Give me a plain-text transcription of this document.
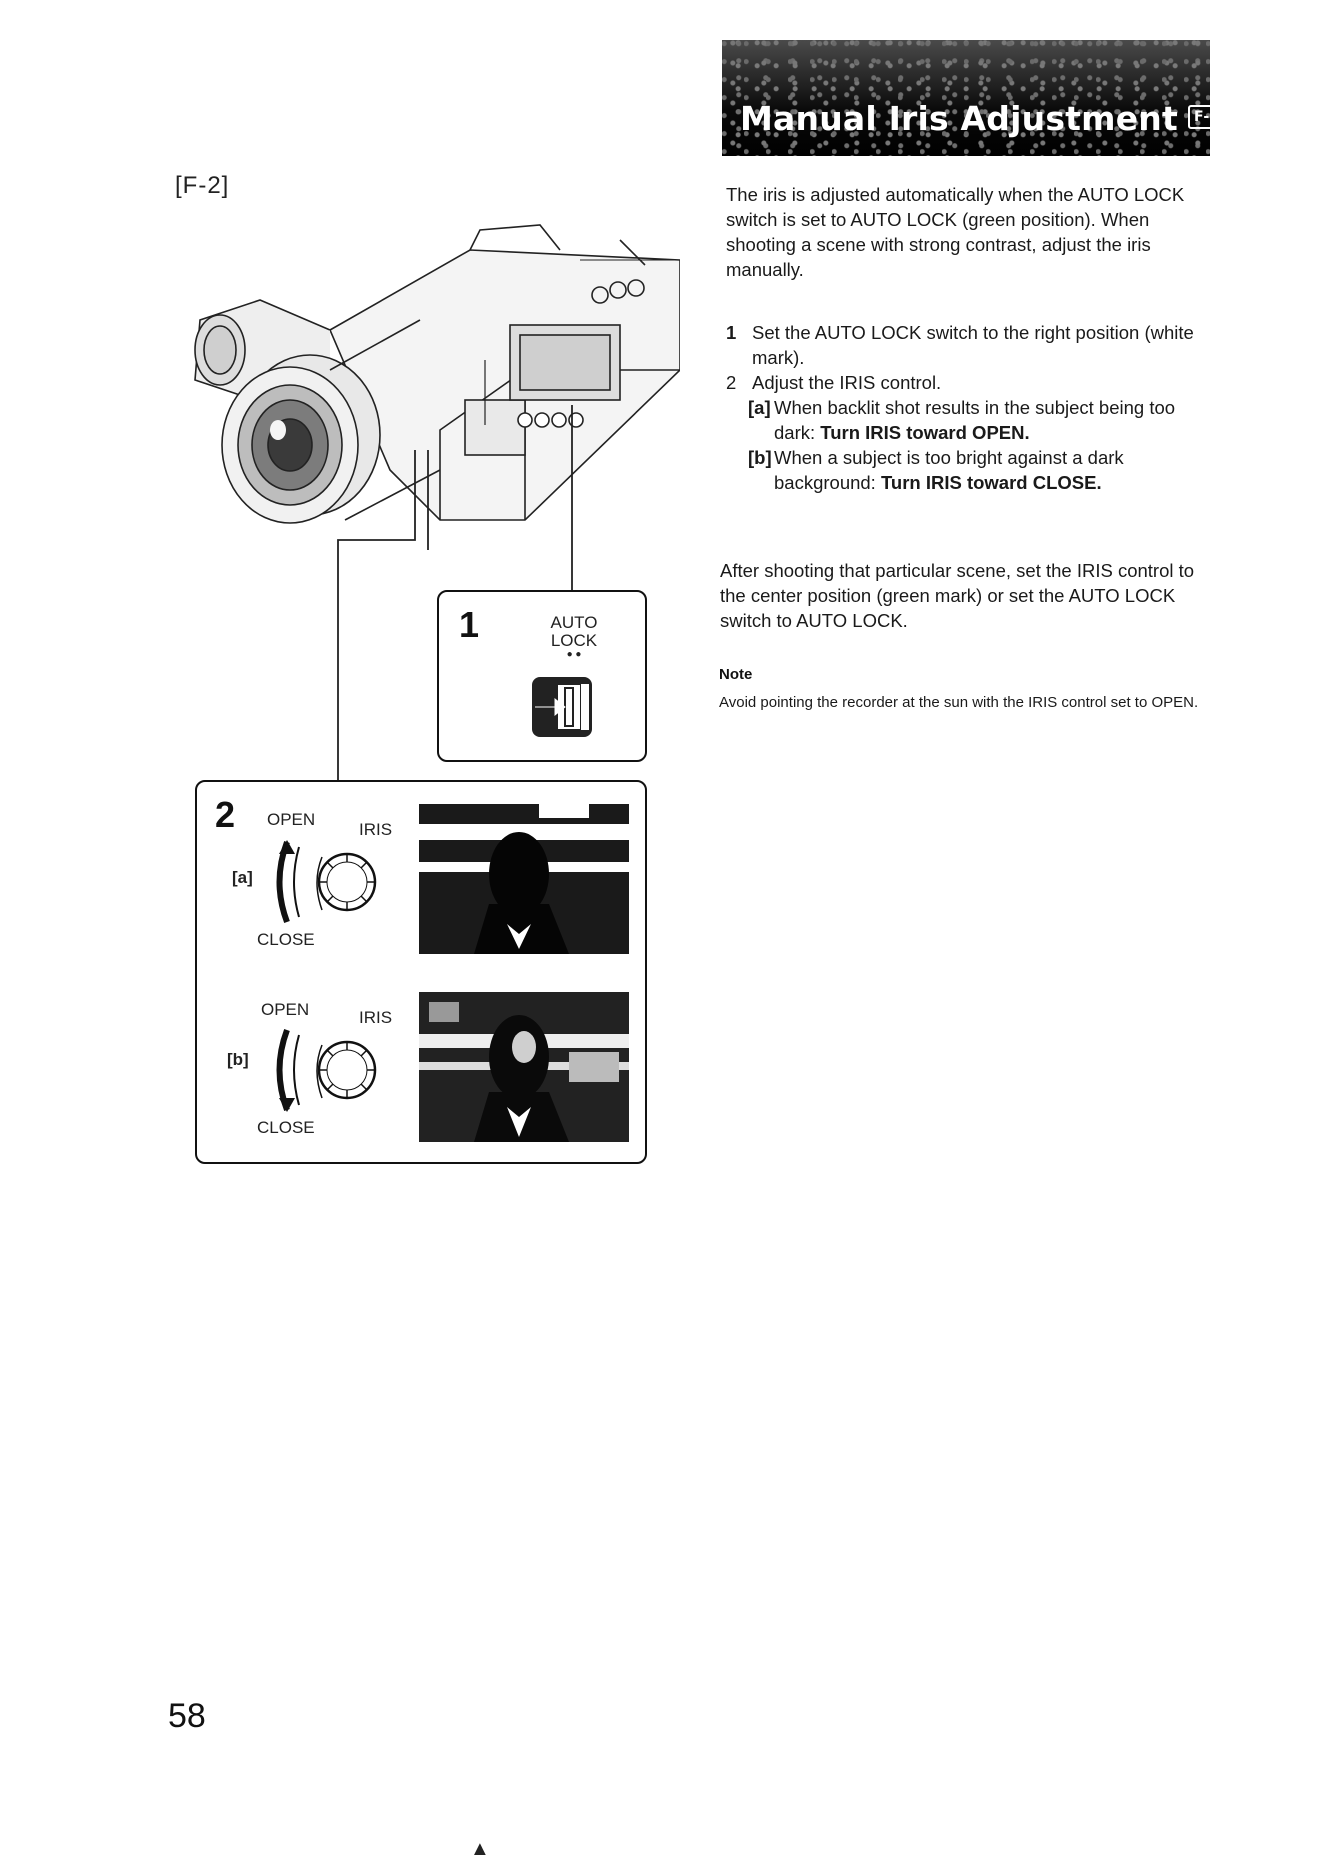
Manual Iris Adjustment F-2
[F-2]
1	AUTO
LOCK
● ●
2 OPEN
IRIS
[a]
CLOSE
OPEN	IRIS
[b]
CLOSE
The iris is adjusted automatically when the AUTO LOCK switch is set to AUTO LOCK (green position). When shooting a scene with strong contrast, adjust the iris manually.
1 Set the AUTO LOCK switch to the right position (white mark).
2 Adjust the IRIS control.
[a] When backlit shot results in the subject being too dark: Turn IRIS toward OPEN.
[b] When a subject is too bright against a dark background: Turn IRIS toward CLOSE.
After shooting that particular scene, set the IRIS control to the center position (green mark) or set the AUTO LOCK switch to AUTO LOCK.
Note
Avoid pointing the recorder at the sun with the IRIS control set to OPEN.
58
▲
